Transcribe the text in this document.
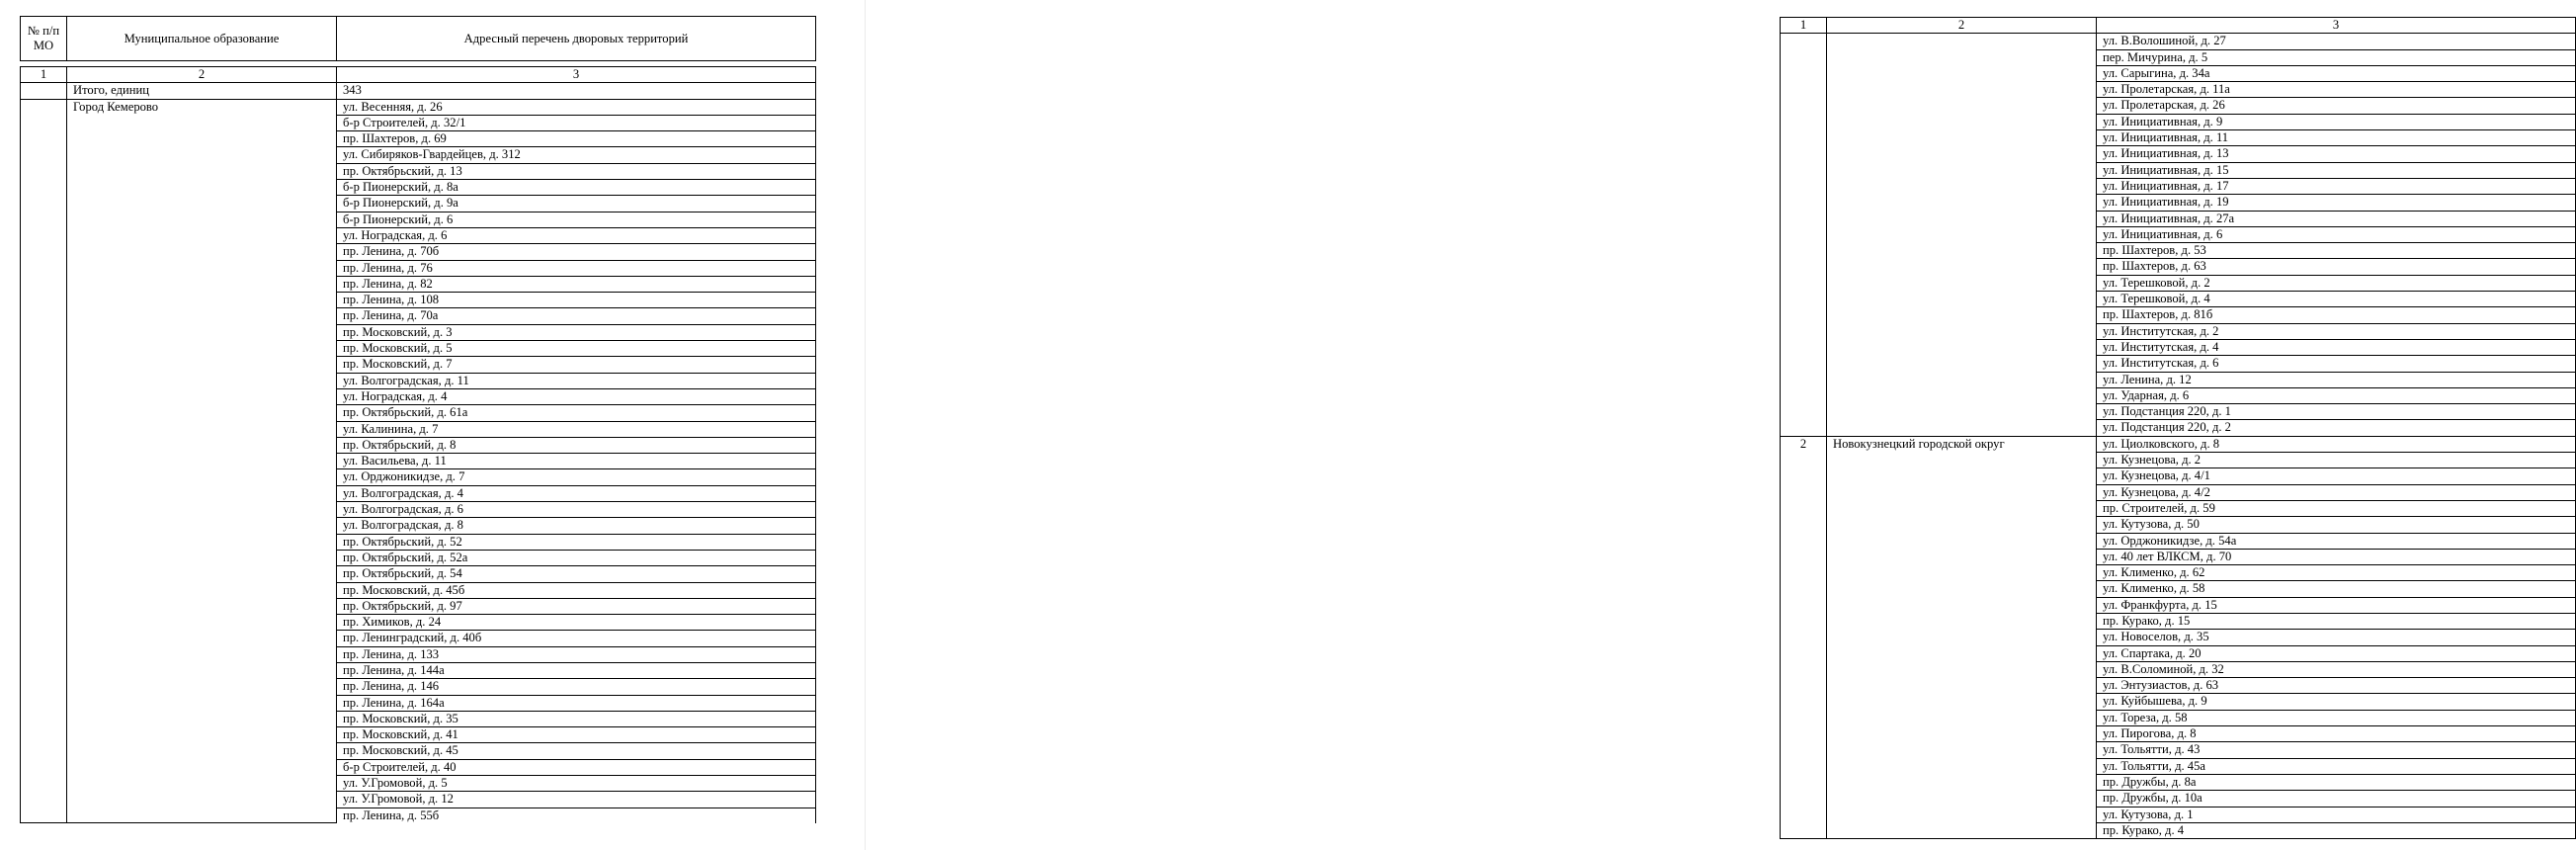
№ п/п МО	Муниципальное образование	Адресный перечень дворовых территорий
1	2	3
	Итого, единиц	343
	Город Кемерово	ул. Весенняя, д. 26
		б-р Строителей, д. 32/1
		пр. Шахтеров, д. 69
		ул. Сибиряков-Гвардейцев, д. 312
		пр. Октябрьский, д. 13
		б-р Пионерский, д. 8а
		б-р Пионерский, д. 9а
		б-р Пионерский, д. 6
		ул. Ноградская, д. 6
		пр. Ленина, д. 70б
		пр. Ленина, д. 76
		пр. Ленина, д. 82
		пр. Ленина, д. 108
		пр. Ленина, д. 70а
		пр. Московский, д. 3
		пр. Московский, д. 5
		пр. Московский, д. 7
		ул. Волгоградская, д. 11
		ул. Ноградская, д. 4
		пр. Октябрьский, д. 61а
		ул. Калинина, д. 7
		пр. Октябрьский, д. 8
		ул. Васильева, д. 11
		ул. Орджоникидзе, д. 7
		ул. Волгоградская, д. 4
		ул. Волгоградская, д. 6
		ул. Волгоградская, д. 8
		пр. Октябрьский, д. 52
		пр. Октябрьский, д. 52а
		пр. Октябрьский, д. 54
		пр. Московский, д. 45б
		пр. Октябрьский, д. 97
		пр. Химиков, д. 24
		пр. Ленинградский, д. 40б
		пр. Ленина, д. 133
		пр. Ленина, д. 144а
		пр. Ленина, д. 146
		пр. Ленина, д. 164а
		пр. Московский, д. 35
		пр. Московский, д. 41
		пр. Московский, д. 45
		б-р Строителей, д. 40
		ул. У.Громовой, д. 5
		ул. У.Громовой, д. 12
		пр. Ленина, д. 55б
1	2	3
		ул. В.Волошиной, д. 27
		пер. Мичурина, д. 5
		ул. Сарыгина, д. 34а
		ул. Пролетарская, д. 11а
		ул. Пролетарская, д. 26
		ул. Инициативная, д. 9
		ул. Инициативная, д. 11
		ул. Инициативная, д. 13
		ул. Инициативная, д. 15
		ул. Инициативная, д. 17
		ул. Инициативная, д. 19
		ул. Инициативная, д. 27а
		ул. Инициативная, д. 6
		пр. Шахтеров, д. 53
		пр. Шахтеров, д. 63
		ул. Терешковой, д. 2
		ул. Терешковой, д. 4
		пр. Шахтеров, д. 81б
		ул. Институтская, д. 2
		ул. Институтская, д. 4
		ул. Институтская, д. 6
		ул. Ленина, д. 12
		ул. Ударная, д. 6
		ул. Подстанция 220, д. 1
		ул. Подстанция 220, д. 2
2	Новокузнецкий городской округ	ул. Циолковского, д. 8
		ул. Кузнецова, д. 2
		ул. Кузнецова, д. 4/1
		ул. Кузнецова, д. 4/2
		пр. Строителей, д. 59
		ул. Кутузова, д. 50
		ул. Орджоникидзе, д. 54а
		ул. 40 лет ВЛКСМ, д. 70
		ул. Клименко, д. 62
		ул. Клименко, д. 58
		ул. Франкфурта, д. 15
		пр. Курако, д. 15
		ул. Новоселов, д. 35
		ул. Спартака, д. 20
		ул. В.Соломиной, д. 32
		ул. Энтузиастов, д. 63
		ул. Куйбышева, д. 9
		ул. Тореза, д. 58
		ул. Пирогова, д. 8
		ул. Тольятти, д. 43
		ул. Тольятти, д. 45а
		пр. Дружбы, д. 8а
		пр. Дружбы, д. 10а
		ул. Кутузова, д. 1
		пр. Курако, д. 4
